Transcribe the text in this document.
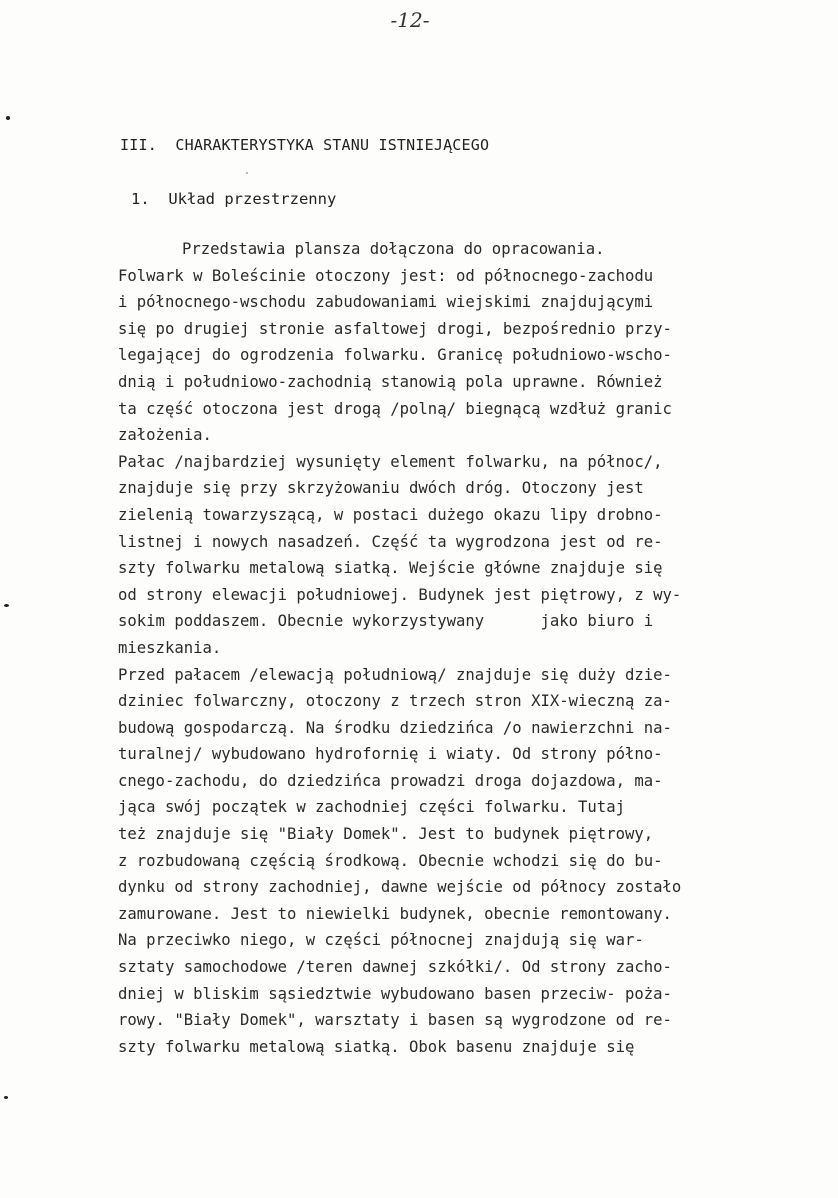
-12-
III.  CHARAKTERYSTYKA STANU ISTNIEJĄCEGO
1.  Układ przestrzenny
Przedstawia plansza dołączona do opracowania.
Folwark w Boleścinie otoczony jest: od północnego-zachodu
i północnego-wschodu zabudowaniami wiejskimi znajdującymi
się po drugiej stronie asfaltowej drogi, bezpośrednio przy-
legającej do ogrodzenia folwarku. Granicę południowo-wscho-
dnią i południowo-zachodnią stanowią pola uprawne. Również
ta część otoczona jest drogą /polną/ biegnącą wzdłuż granic
założenia.
Pałac /najbardziej wysunięty element folwarku, na północ/,
znajduje się przy skrzyżowaniu dwóch dróg. Otoczony jest
zielenią towarzyszącą, w postaci dużego okazu lipy drobno-
listnej i nowych nasadzeń. Część ta wygrodzona jest od re-
szty folwarku metalową siatką. Wejście główne znajduje się
od strony elewacji południowej. Budynek jest piętrowy, z wy-
sokim poddaszem. Obecnie wykorzystywany      jako biuro i
mieszkania.
Przed pałacem /elewacją południową/ znajduje się duży dzie-
dziniec folwarczny, otoczony z trzech stron XIX-wieczną za-
budową gospodarczą. Na środku dziedzińca /o nawierzchni na-
turalnej/ wybudowano hydrofornię i wiaty. Od strony półno-
cnego-zachodu, do dziedzińca prowadzi droga dojazdowa, ma-
jąca swój początek w zachodniej części folwarku. Tutaj
też znajduje się "Biały Domek". Jest to budynek piętrowy,
z rozbudowaną częścią środkową. Obecnie wchodzi się do bu-
dynku od strony zachodniej, dawne wejście od północy zostało
zamurowane. Jest to niewielki budynek, obecnie remontowany.
Na przeciwko niego, w części północnej znajdują się war-
sztaty samochodowe /teren dawnej szkółki/. Od strony zacho-
dniej w bliskim sąsiedztwie wybudowano basen przeciw- poża-
rowy. "Biały Domek", warsztaty i basen są wygrodzone od re-
szty folwarku metalową siatką. Obok basenu znajduje się
